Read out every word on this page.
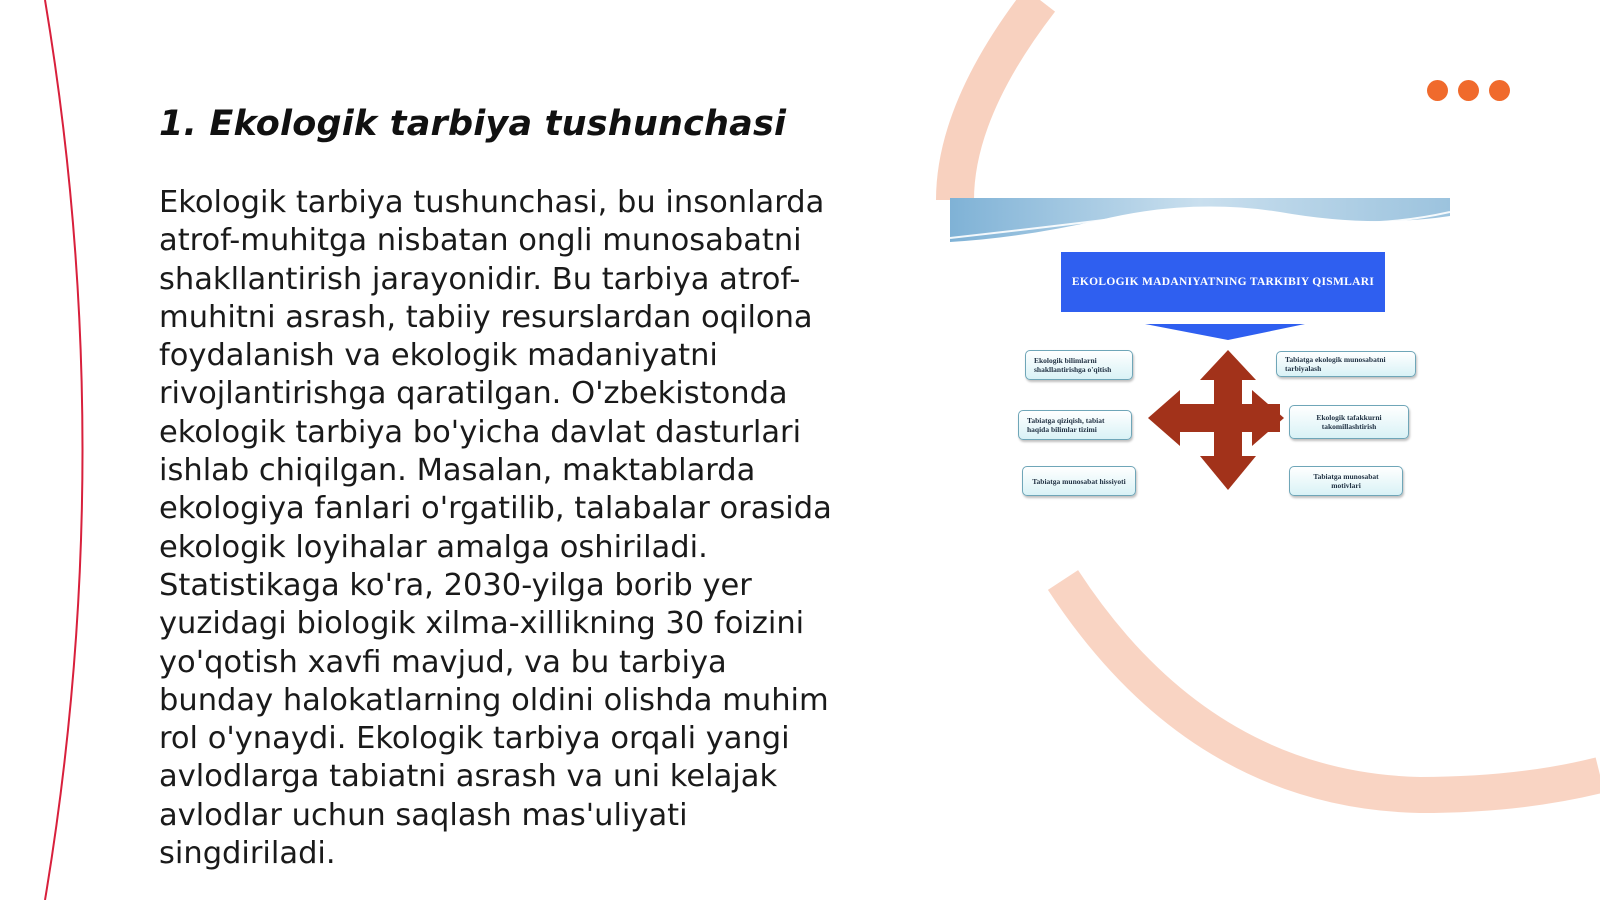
1. Ekologik tarbiya tushunchasi

Ekologik tarbiya tushunchasi, bu insonlarda atrof-muhitga nisbatan ongli munosabatni shakllantirish jarayonidir. Bu tarbiya atrof-muhitni asrash, tabiiy resurslardan oqilona foydalanish va ekologik madaniyatni rivojlantirishga qaratilgan. O'zbekistonda ekologik tarbiya bo'yicha davlat dasturlari ishlab chiqilgan. Masalan, maktablarda ekologiya fanlari o'rgatilib, talabalar orasida ekologik loyihalar amalga oshiriladi. Statistikaga ko'ra, 2030-yilga borib yer yuzidagi biologik xilma-xillikning 30 foizini yo'qotish xavfi mavjud, va bu tarbiya bunday halokatlarning oldini olishda muhim rol o'ynaydi. Ekologik tarbiya orqali yangi avlodlarga tabiatni asrash va uni kelajak avlodlar uchun saqlash mas'uliyati singdiriladi.

EKOLOGIK MADANIYATNING TARKIBIY QISMLARI
Ekologik bilimlarni shakllantirishga o'qitish
Tabiatga qiziqish, tabiat haqida bilimlar tizimi
Tabiatga munosabat hissiyoti
Tabiatga ekologik munosabatni tarbiyalash
Ekologik tafakkurni takomillashtirish
Tabiatga munosabat motivlari
